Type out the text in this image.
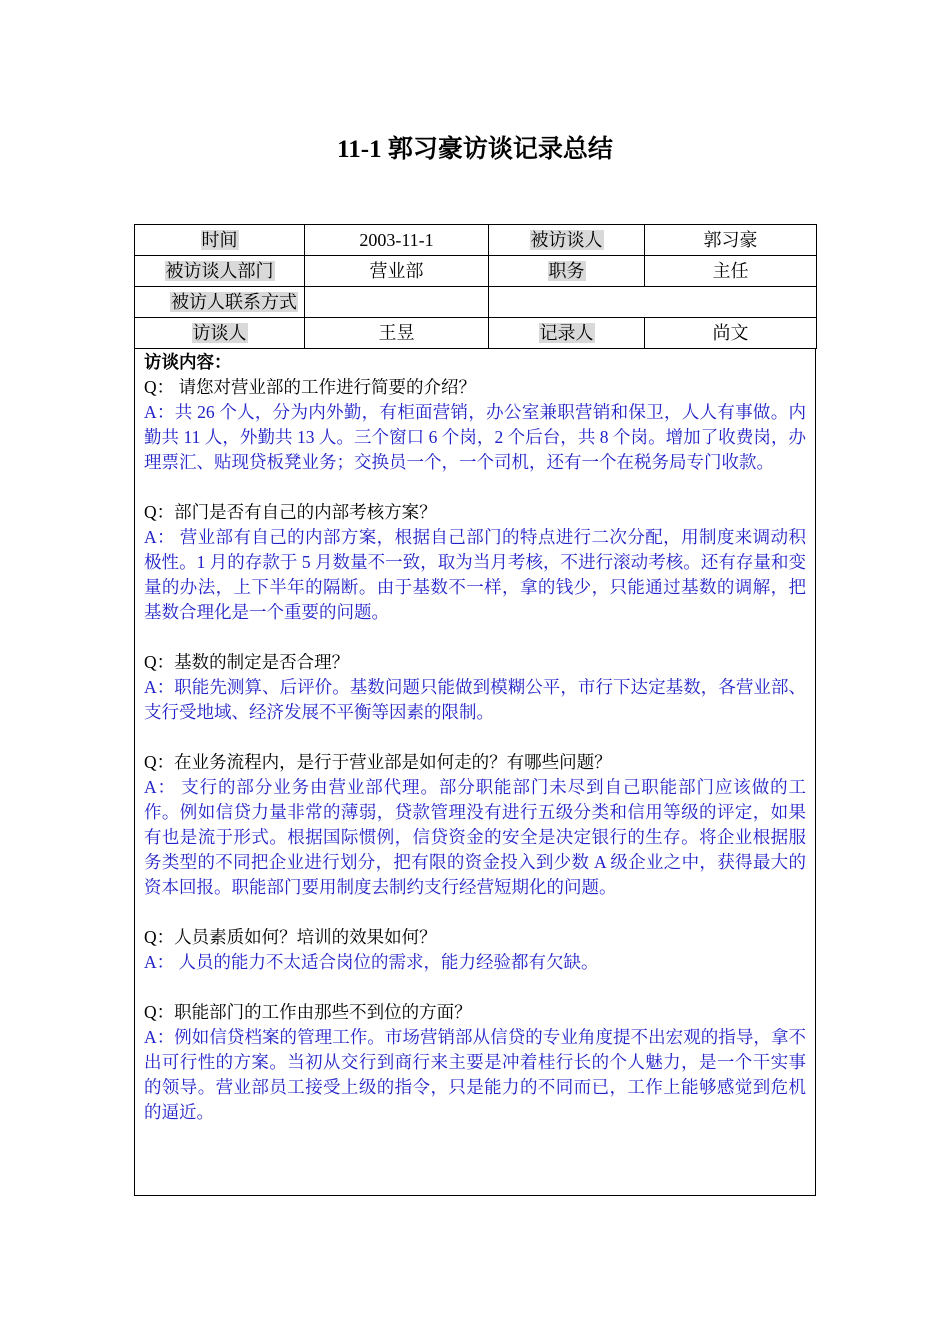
11-1 郭习豪访谈记录总结
时间	2003-11-1	被访谈人	郭习豪
被访谈人部门	营业部	职务	主任
被访人联系方式			
访谈人	王昱	记录人	尚文
访谈内容：
Q： 请您对营业部的工作进行简要的介绍？
A：共 26 个人，分为内外勤，有柜面营销，办公室兼职营销和保卫，人人有事做。内勤共 11 人，外勤共 13 人。三个窗口 6 个岗，2 个后台，共 8 个岗。增加了收费岗，办理票汇、贴现贷板凳业务；交换员一个，一个司机，还有一个在税务局专门收款。
Q：部门是否有自己的内部考核方案？
A： 营业部有自己的内部方案，根据自己部门的特点进行二次分配，用制度来调动积极性。1 月的存款于 5 月数量不一致，取为当月考核，不进行滚动考核。还有存量和变量的办法，上下半年的隔断。由于基数不一样，拿的钱少，只能通过基数的调解，把基数合理化是一个重要的问题。
Q：基数的制定是否合理？
A：职能先测算、后评价。基数问题只能做到模糊公平，市行下达定基数，各营业部、支行受地域、经济发展不平衡等因素的限制。
Q：在业务流程内，是行于营业部是如何走的？有哪些问题？
A： 支行的部分业务由营业部代理。部分职能部门未尽到自己职能部门应该做的工作。例如信贷力量非常的薄弱，贷款管理没有进行五级分类和信用等级的评定，如果有也是流于形式。根据国际惯例，信贷资金的安全是决定银行的生存。将企业根据服务类型的不同把企业进行划分，把有限的资金投入到少数 A 级企业之中，获得最大的资本回报。职能部门要用制度去制约支行经营短期化的问题。
Q：人员素质如何？培训的效果如何？
A： 人员的能力不太适合岗位的需求，能力经验都有欠缺。
Q：职能部门的工作由那些不到位的方面？
A：例如信贷档案的管理工作。市场营销部从信贷的专业角度提不出宏观的指导，拿不出可行性的方案。当初从交行到商行来主要是冲着桂行长的个人魅力，是一个干实事的领导。营业部员工接受上级的指令，只是能力的不同而已，工作上能够感觉到危机的逼近。
